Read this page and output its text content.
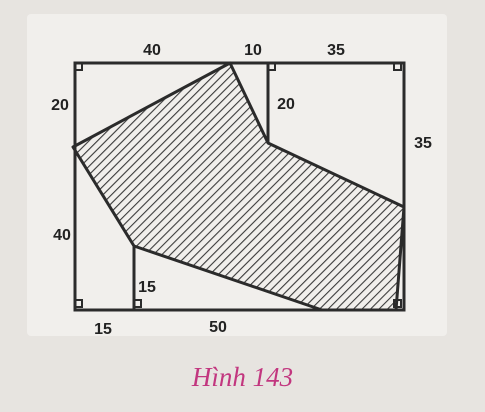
40	10	35
20
40
20
35
15
15	50
Hình 143
